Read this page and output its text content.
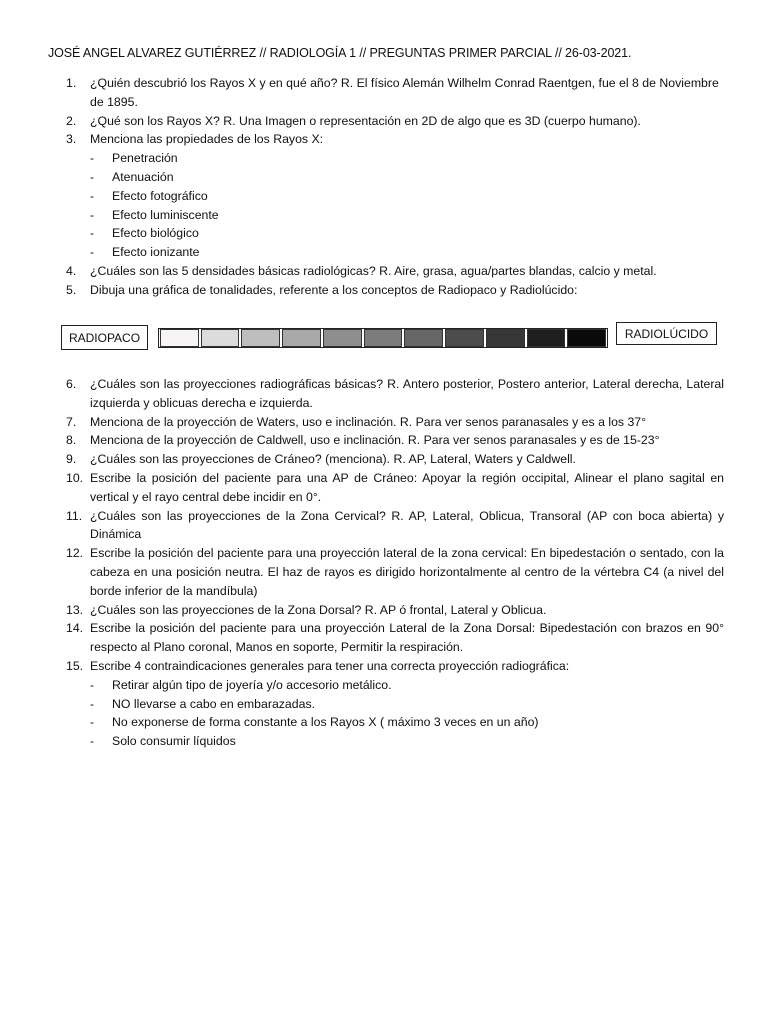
JOSÉ ANGEL ALVAREZ GUTIÉRREZ // RADIOLOGÍA 1 // PREGUNTAS PRIMER PARCIAL // 26-03-2021.
1.	¿Quién descubrió los Rayos X y en qué año? R. El físico Alemán Wilhelm Conrad Raentgen, fue el 8 de Noviembre de 1895.
2.	¿Qué son los Rayos X? R. Una Imagen o representación en 2D de algo que es 3D (cuerpo humano).
3.	Menciona las propiedades de los Rayos X:
- Penetración
- Atenuación
- Efecto fotográfico
- Efecto luminiscente
- Efecto biológico
- Efecto ionizante
4.	¿Cuáles son las 5 densidades básicas radiológicas? R. Aire, grasa, agua/partes blandas, calcio y metal.
5.	Dibuja una gráfica de tonalidades, referente a los conceptos de Radiopaco y Radiolúcido:
RADIOPACO	RADIOLÚCIDO
6.	¿Cuáles son las proyecciones radiográficas básicas? R. Antero posterior, Postero anterior, Lateral derecha, Lateral izquierda y oblicuas derecha e izquierda.
7.	Menciona de la proyección de Waters, uso e inclinación. R. Para ver senos paranasales y es a los 37°
8.	Menciona de la proyección de Caldwell, uso e inclinación. R. Para ver senos paranasales y es de 15-23°
9.	¿Cuáles son las proyecciones de Cráneo? (menciona). R. AP, Lateral, Waters y Caldwell.
10. Escribe la posición del paciente para una AP de Cráneo: Apoyar la región occipital, Alinear el plano sagital en vertical y el rayo central debe incidir en 0°.
11. ¿Cuáles son las proyecciones de la Zona Cervical? R. AP, Lateral, Oblicua, Transoral (AP con boca abierta) y Dinámica
12. Escribe la posición del paciente para una proyección lateral de la zona cervical: En bipedestación o sentado, con la cabeza en una posición neutra. El haz de rayos es dirigido horizontalmente al centro de la vértebra C4 (a nivel del borde inferior de la mandíbula)
13. ¿Cuáles son las proyecciones de la Zona Dorsal? R. AP ó frontal, Lateral y Oblicua.
14. Escribe la posición del paciente para una proyección Lateral de la Zona Dorsal: Bipedestación con brazos en 90° respecto al Plano coronal, Manos en soporte, Permitir la respiración.
15. Escribe 4 contraindicaciones generales para tener una correcta proyección radiográfica:
- Retirar algún tipo de joyería y/o accesorio metálico.
- NO llevarse a cabo en embarazadas.
- No exponerse de forma constante a los Rayos X ( máximo 3 veces en un año)
- Solo consumir líquidos
